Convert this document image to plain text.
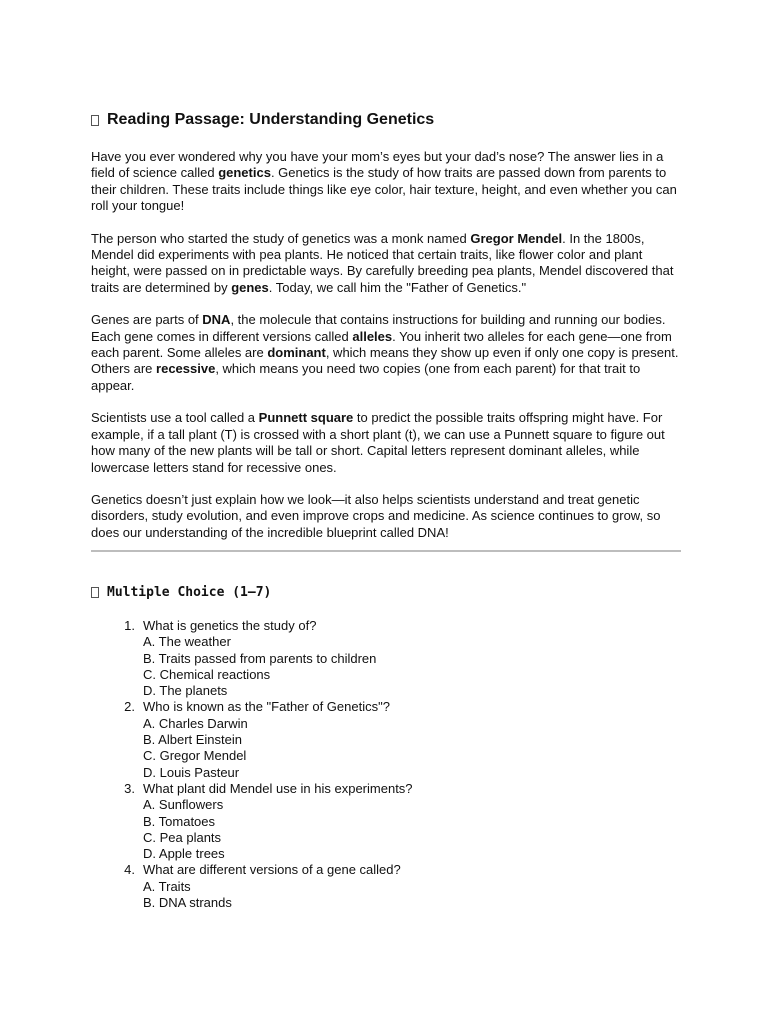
Reading Passage: Understanding Genetics

Have you ever wondered why you have your mom’s eyes but your dad’s nose? The answer lies in a field of science called genetics. Genetics is the study of how traits are passed down from parents to their children. These traits include things like eye color, hair texture, height, and even whether you can roll your tongue!

The person who started the study of genetics was a monk named Gregor Mendel. In the 1800s, Mendel did experiments with pea plants. He noticed that certain traits, like flower color and plant height, were passed on in predictable ways. By carefully breeding pea plants, Mendel discovered that traits are determined by genes. Today, we call him the "Father of Genetics."

Genes are parts of DNA, the molecule that contains instructions for building and running our bodies. Each gene comes in different versions called alleles. You inherit two alleles for each gene—one from each parent. Some alleles are dominant, which means they show up even if only one copy is present. Others are recessive, which means you need two copies (one from each parent) for that trait to appear.

Scientists use a tool called a Punnett square to predict the possible traits offspring might have. For example, if a tall plant (T) is crossed with a short plant (t), we can use a Punnett square to figure out how many of the new plants will be tall or short. Capital letters represent dominant alleles, while lowercase letters stand for recessive ones.

Genetics doesn’t just explain how we look—it also helps scientists understand and treat genetic disorders, study evolution, and even improve crops and medicine. As science continues to grow, so does our understanding of the incredible blueprint called DNA!

Multiple Choice (1–7)
1. What is genetics the study of?
A. The weather
B. Traits passed from parents to children
C. Chemical reactions
D. The planets
2. Who is known as the "Father of Genetics"?
A. Charles Darwin
B. Albert Einstein
C. Gregor Mendel
D. Louis Pasteur
3. What plant did Mendel use in his experiments?
A. Sunflowers
B. Tomatoes
C. Pea plants
D. Apple trees
4. What are different versions of a gene called?
A. Traits
B. DNA strands
